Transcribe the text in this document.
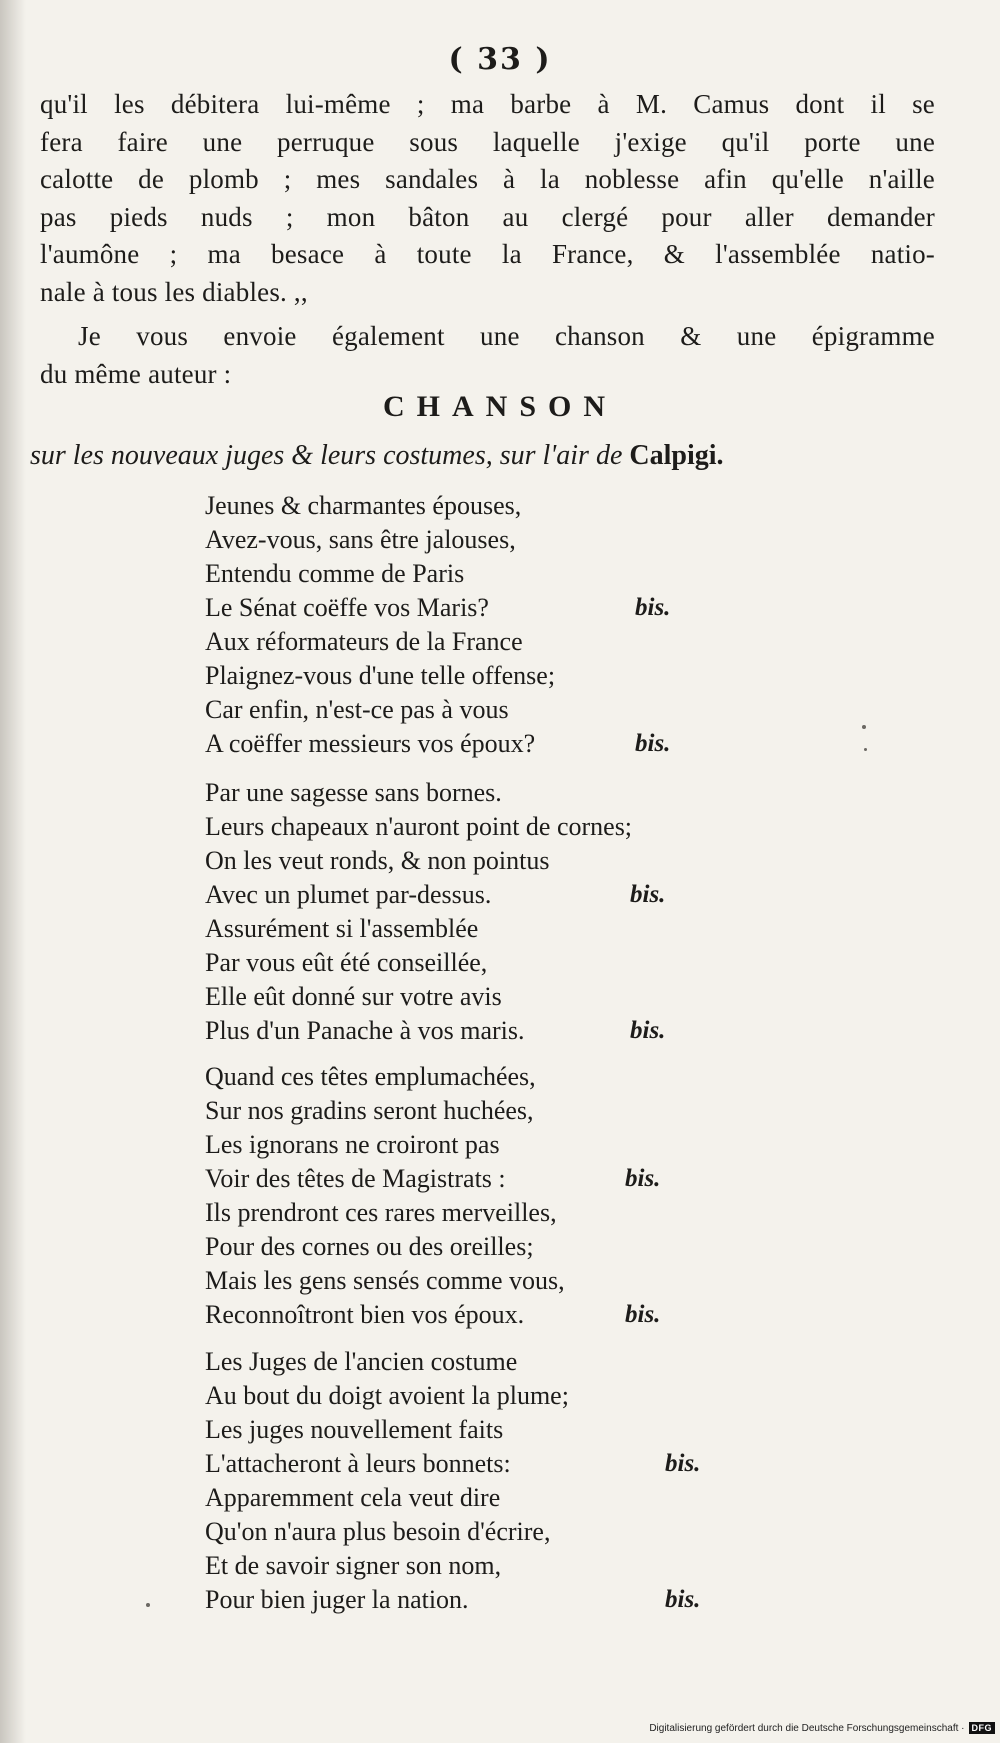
( 33 )
qu'il les débitera lui-même ; ma barbe à M. Camus dont il se
fera faire une perruque sous laquelle j'exige qu'il porte une
calotte de plomb ; mes sandales à la noblesse afin qu'elle n'aille
pas pieds nuds ; mon bâton au clergé pour aller demander
l'aumône ; ma besace à toute la France, & l'assemblée natio-
nale à tous les diables. ,,
Je vous envoie également une chanson & une épigramme
du même auteur :
CHANSON
sur les nouveaux juges & leurs costumes, sur l'air de Calpigi.
Jeunes & charmantes épouses,
Avez-vous, sans être jalouses,
Entendu comme de Paris
Le Sénat coëffe vos Maris?	bis.
Aux réformateurs de la France
Plaignez-vous d'une telle offense;
Car enfin, n'est-ce pas à vous
A coëffer messieurs vos époux?	bis.
Par une sagesse sans bornes.
Leurs chapeaux n'auront point de cornes;
On les veut ronds, & non pointus
Avec un plumet par-dessus.	bis.
Assurément si l'assemblée
Par vous eût été conseillée,
Elle eût donné sur votre avis
Plus d'un Panache à vos maris.	bis.
Quand ces têtes emplumachées,
Sur nos gradins seront huchées,
Les ignorans ne croiront pas
Voir des têtes de Magistrats :	bis.
Ils prendront ces rares merveilles,
Pour des cornes ou des oreilles;
Mais les gens sensés comme vous,
Reconnoîtront bien vos époux.	bis.
Les Juges de l'ancien costume
Au bout du doigt avoient la plume;
Les juges nouvellement faits
L'attacheront à leurs bonnets:	bis.
Apparemment cela veut dire
Qu'on n'aura plus besoin d'écrire,
Et de savoir signer son nom,
Pour bien juger la nation.	bis.
Digitalisierung gefördert durch die Deutsche Forschungsgemeinschaft · DFG
